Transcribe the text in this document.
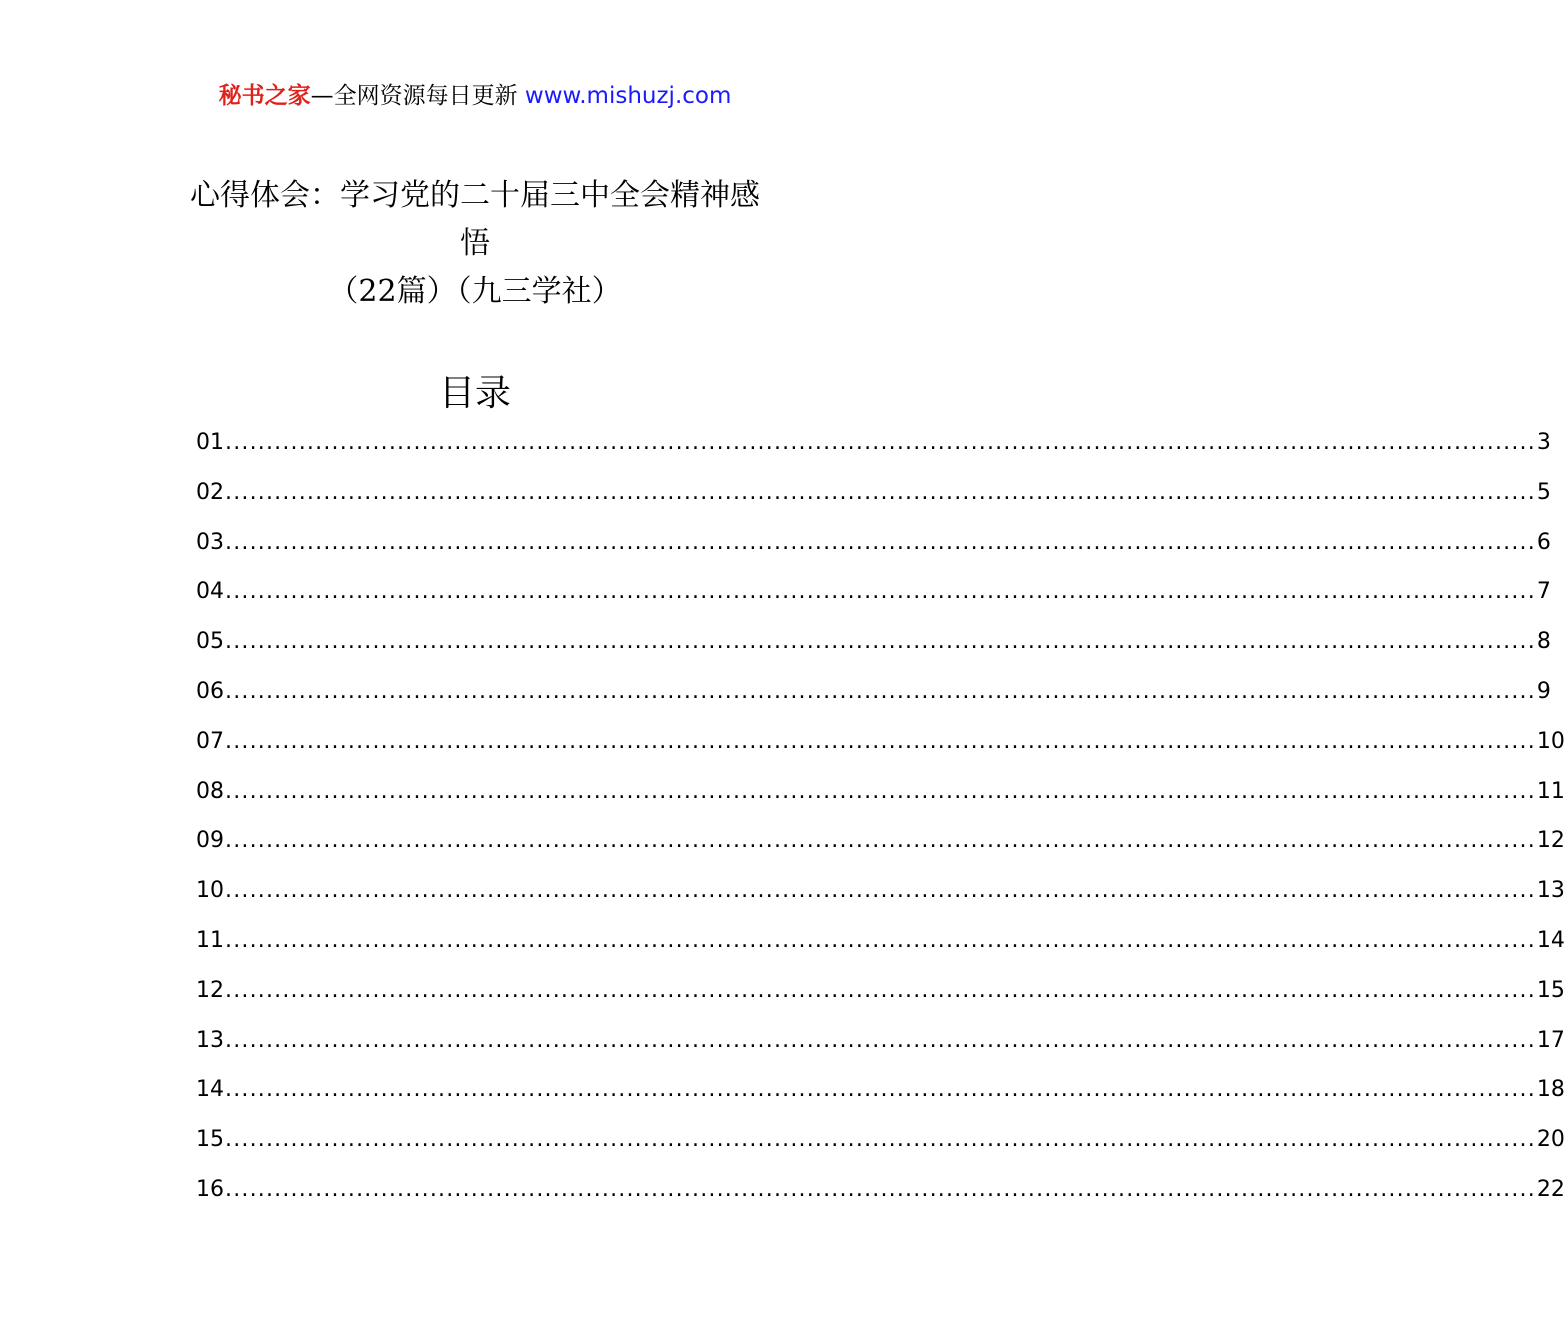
秘书之家—全网资源每日更新 www.mishuzj.com
心得体会：学习党的二十届三中全会精神感
悟
（22篇）（九三学社）
目录
01 ................................................................................................................................................................ 3
02 ................................................................................................................................................................ 5
03 ................................................................................................................................................................ 6
04 ................................................................................................................................................................ 7
05 ................................................................................................................................................................ 8
06 ................................................................................................................................................................ 9
07 ................................................................................................................................................................ 10
08 ................................................................................................................................................................ 11
09 ................................................................................................................................................................ 12
10 ................................................................................................................................................................ 13
11 ................................................................................................................................................................ 14
12 ................................................................................................................................................................ 15
13 ................................................................................................................................................................ 17
14 ................................................................................................................................................................ 18
15 ................................................................................................................................................................ 20
16 ................................................................................................................................................................ 22
